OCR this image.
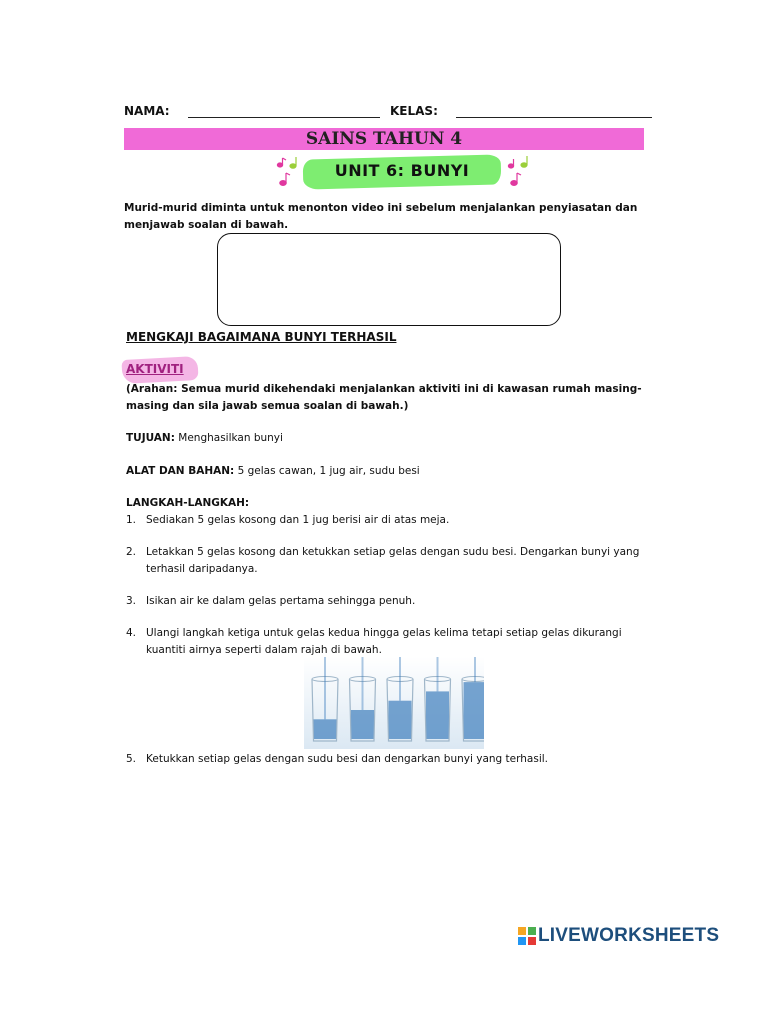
NAMA:	KELAS:
SAINS TAHUN 4
UNIT 6: BUNYI
Murid-murid diminta untuk menonton video ini sebelum menjalankan penyiasatan dan menjawab soalan di bawah.
MENGKAJI BAGAIMANA BUNYI TERHASIL
AKTIVITI
(Arahan: Semua murid dikehendaki menjalankan aktiviti ini di kawasan rumah masing-masing dan sila jawab semua soalan di bawah.)
TUJUAN: Menghasilkan bunyi
ALAT DAN BAHAN: 5 gelas cawan, 1 jug air, sudu besi
LANGKAH-LANGKAH:
1. Sediakan 5 gelas kosong dan 1 jug berisi air di atas meja.
2. Letakkan 5 gelas kosong dan ketukkan setiap gelas dengan sudu besi. Dengarkan bunyi yang terhasil daripadanya.
3. Isikan air ke dalam gelas pertama sehingga penuh.
4. Ulangi langkah ketiga untuk gelas kedua hingga gelas kelima tetapi setiap gelas dikurangi kuantiti airnya seperti dalam rajah di bawah.
5. Ketukkan setiap gelas dengan sudu besi dan dengarkan bunyi yang terhasil.
LIVEWORKSHEETS
